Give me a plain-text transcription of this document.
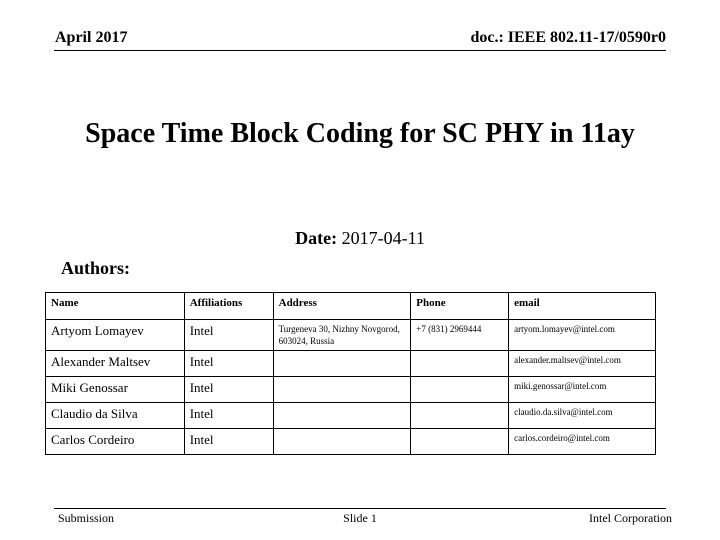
April 2017	doc.: IEEE 802.11-17/0590r0
Space Time Block Coding for SC PHY in 11ay
Date: 2017-04-11
Authors:
Name	Affiliations	Address	Phone	email
Artyom Lomayev	Intel	Turgeneva 30, Nizhny Novgorod, 603024, Russia	+7 (831) 2969444	artyom.lomayev@intel.com
Alexander Maltsev	Intel			alexander.maltsev@intel.com
Miki Genossar	Intel			miki.genossar@intel.com
Claudio da Silva	Intel			claudio.da.silva@intel.com
Carlos Cordeiro	Intel			carlos.cordeiro@intel.com
Submission	Slide 1	Intel Corporation
